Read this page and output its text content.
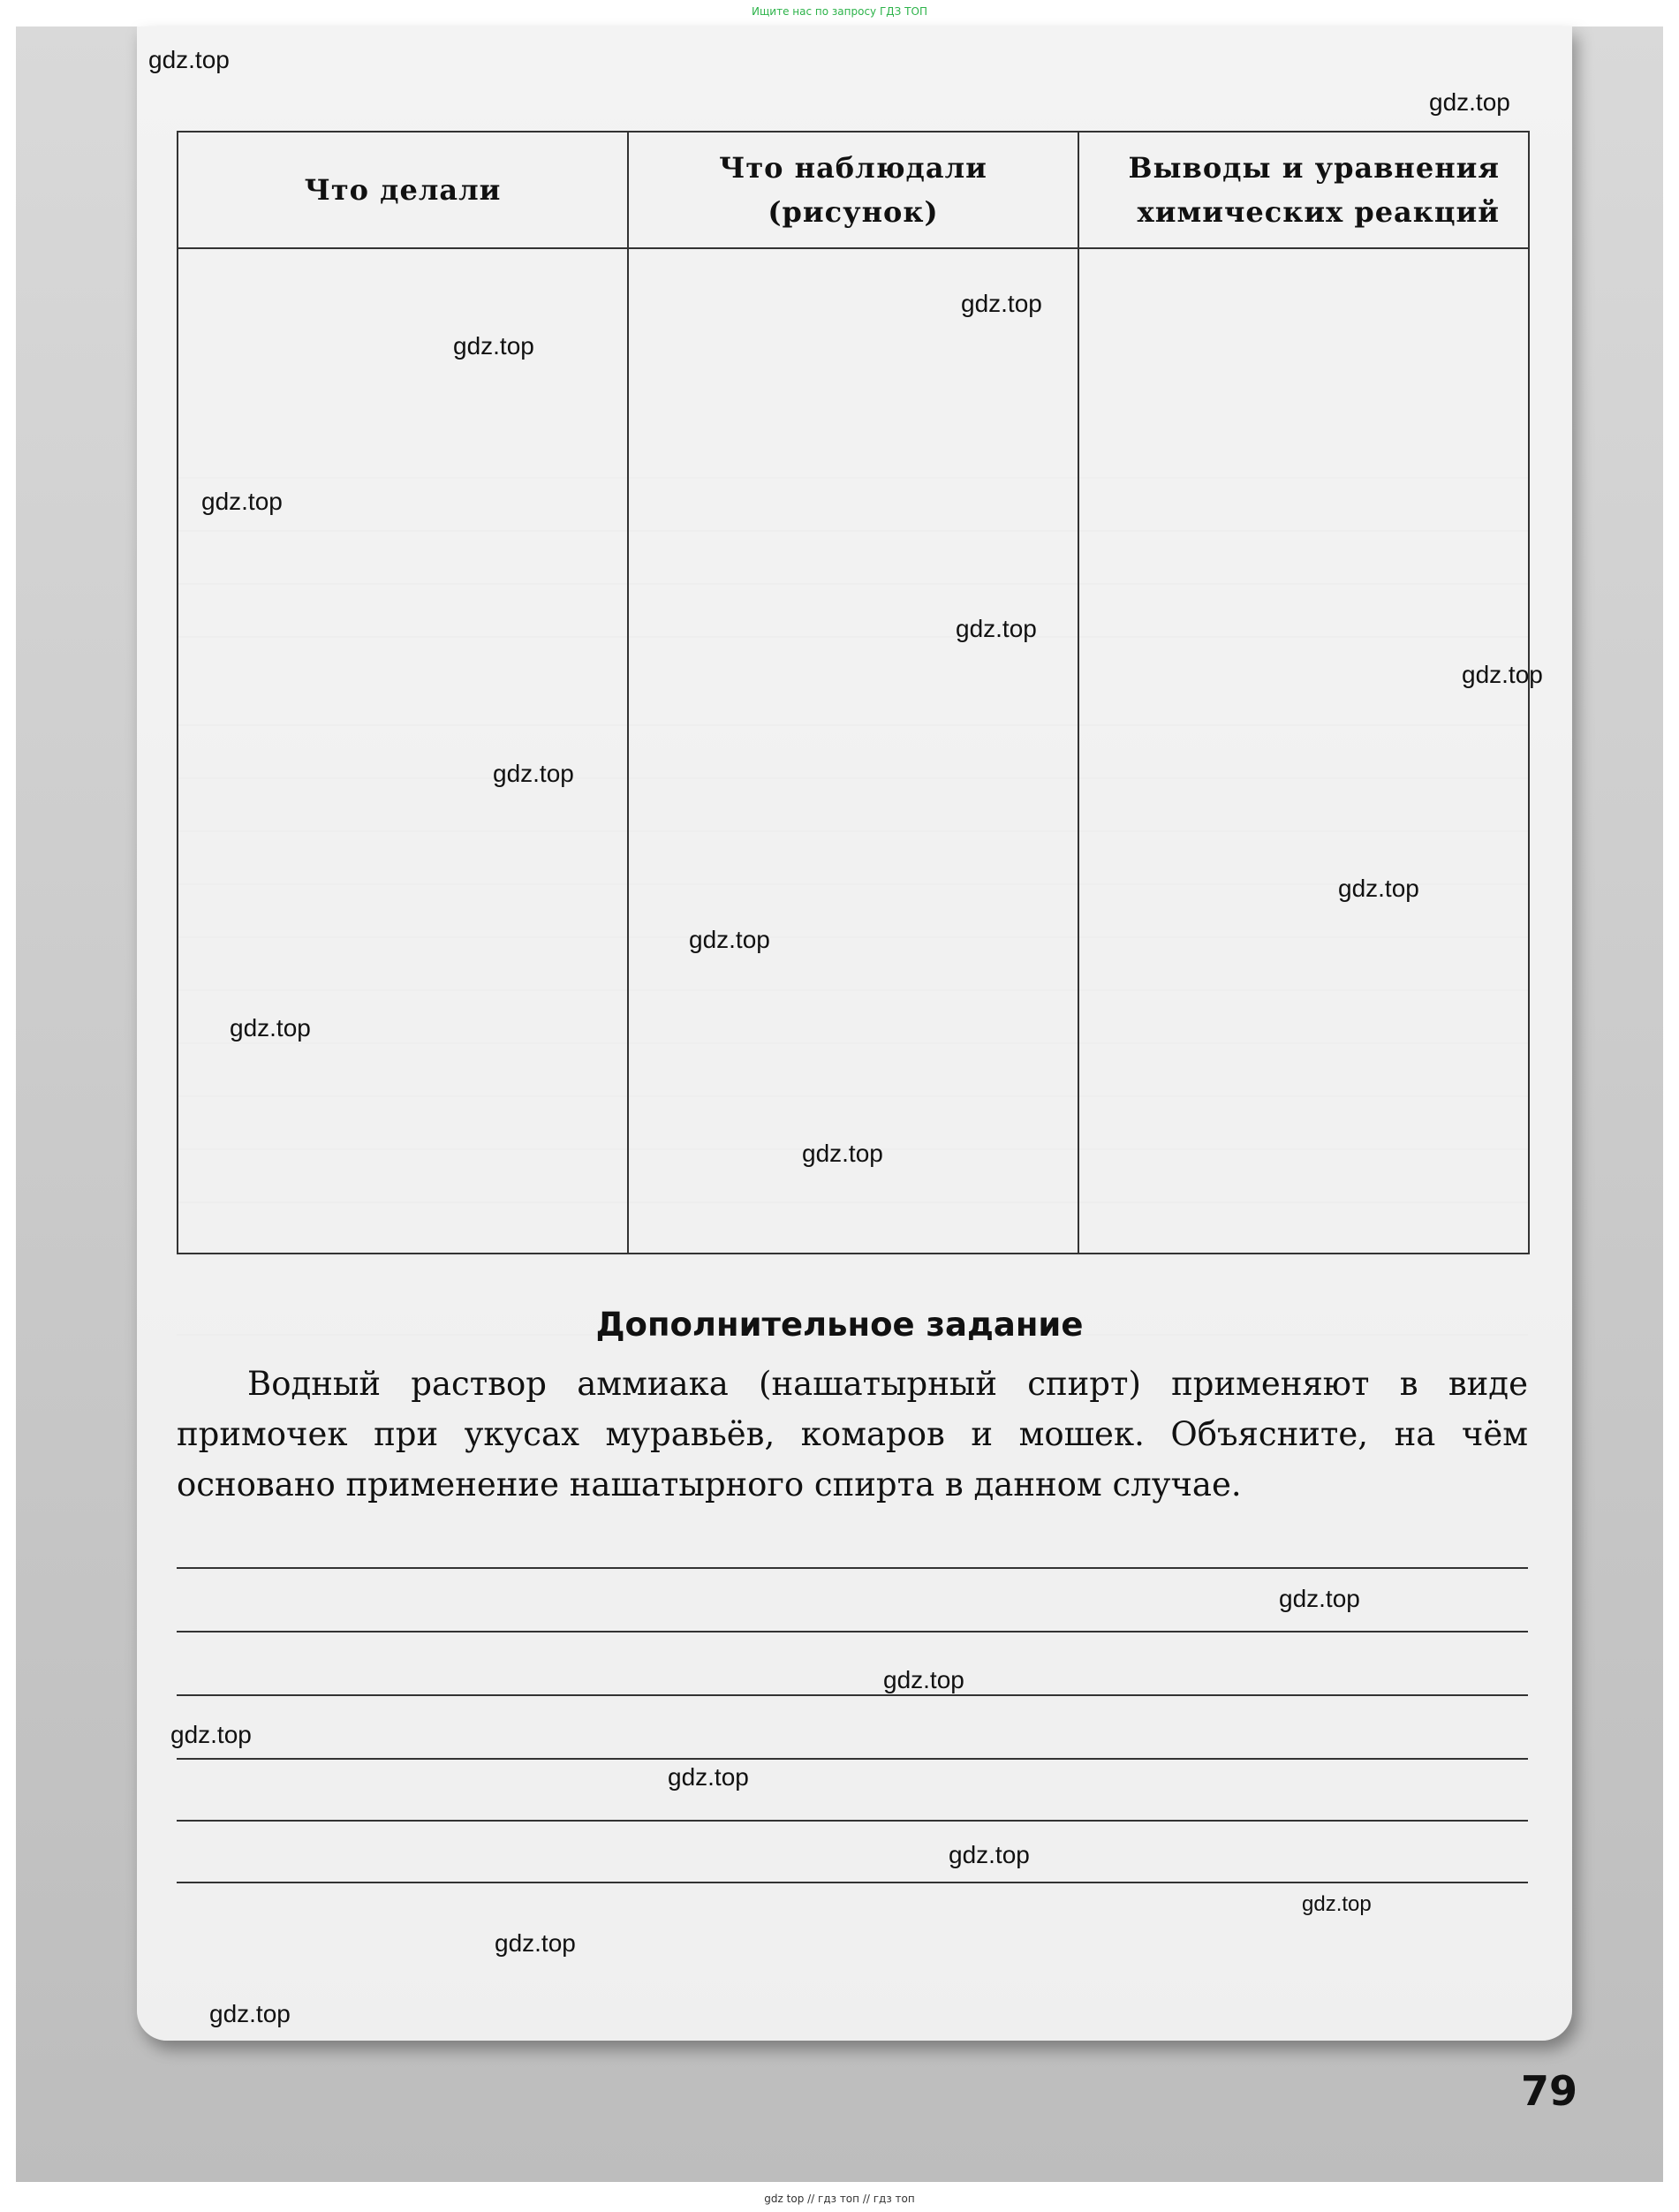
Ищите нас по запросу ГДЗ ТОП
Что делали	Что наблюдали (рисунок)	Выводы и уравнения химических реакций

Дополнительное задание
Водный раствор аммиака (нашатырный спирт) применяют в виде примочек при укусах муравьёв, комаров и мошек. Объясните, на чём основано применение нашатырного спирта в данном случае.
gdz.top
gdz.top
gdz.top
gdz.top
gdz.top
gdz.top
gdz.top
gdz.top
gdz.top
gdz.top
gdz.top
gdz.top
gdz.top
gdz.top
gdz.top
gdz.top
gdz.top
gdz.top
gdz.top
gdz.top
79
gdz top // гдз топ // гдз топ
